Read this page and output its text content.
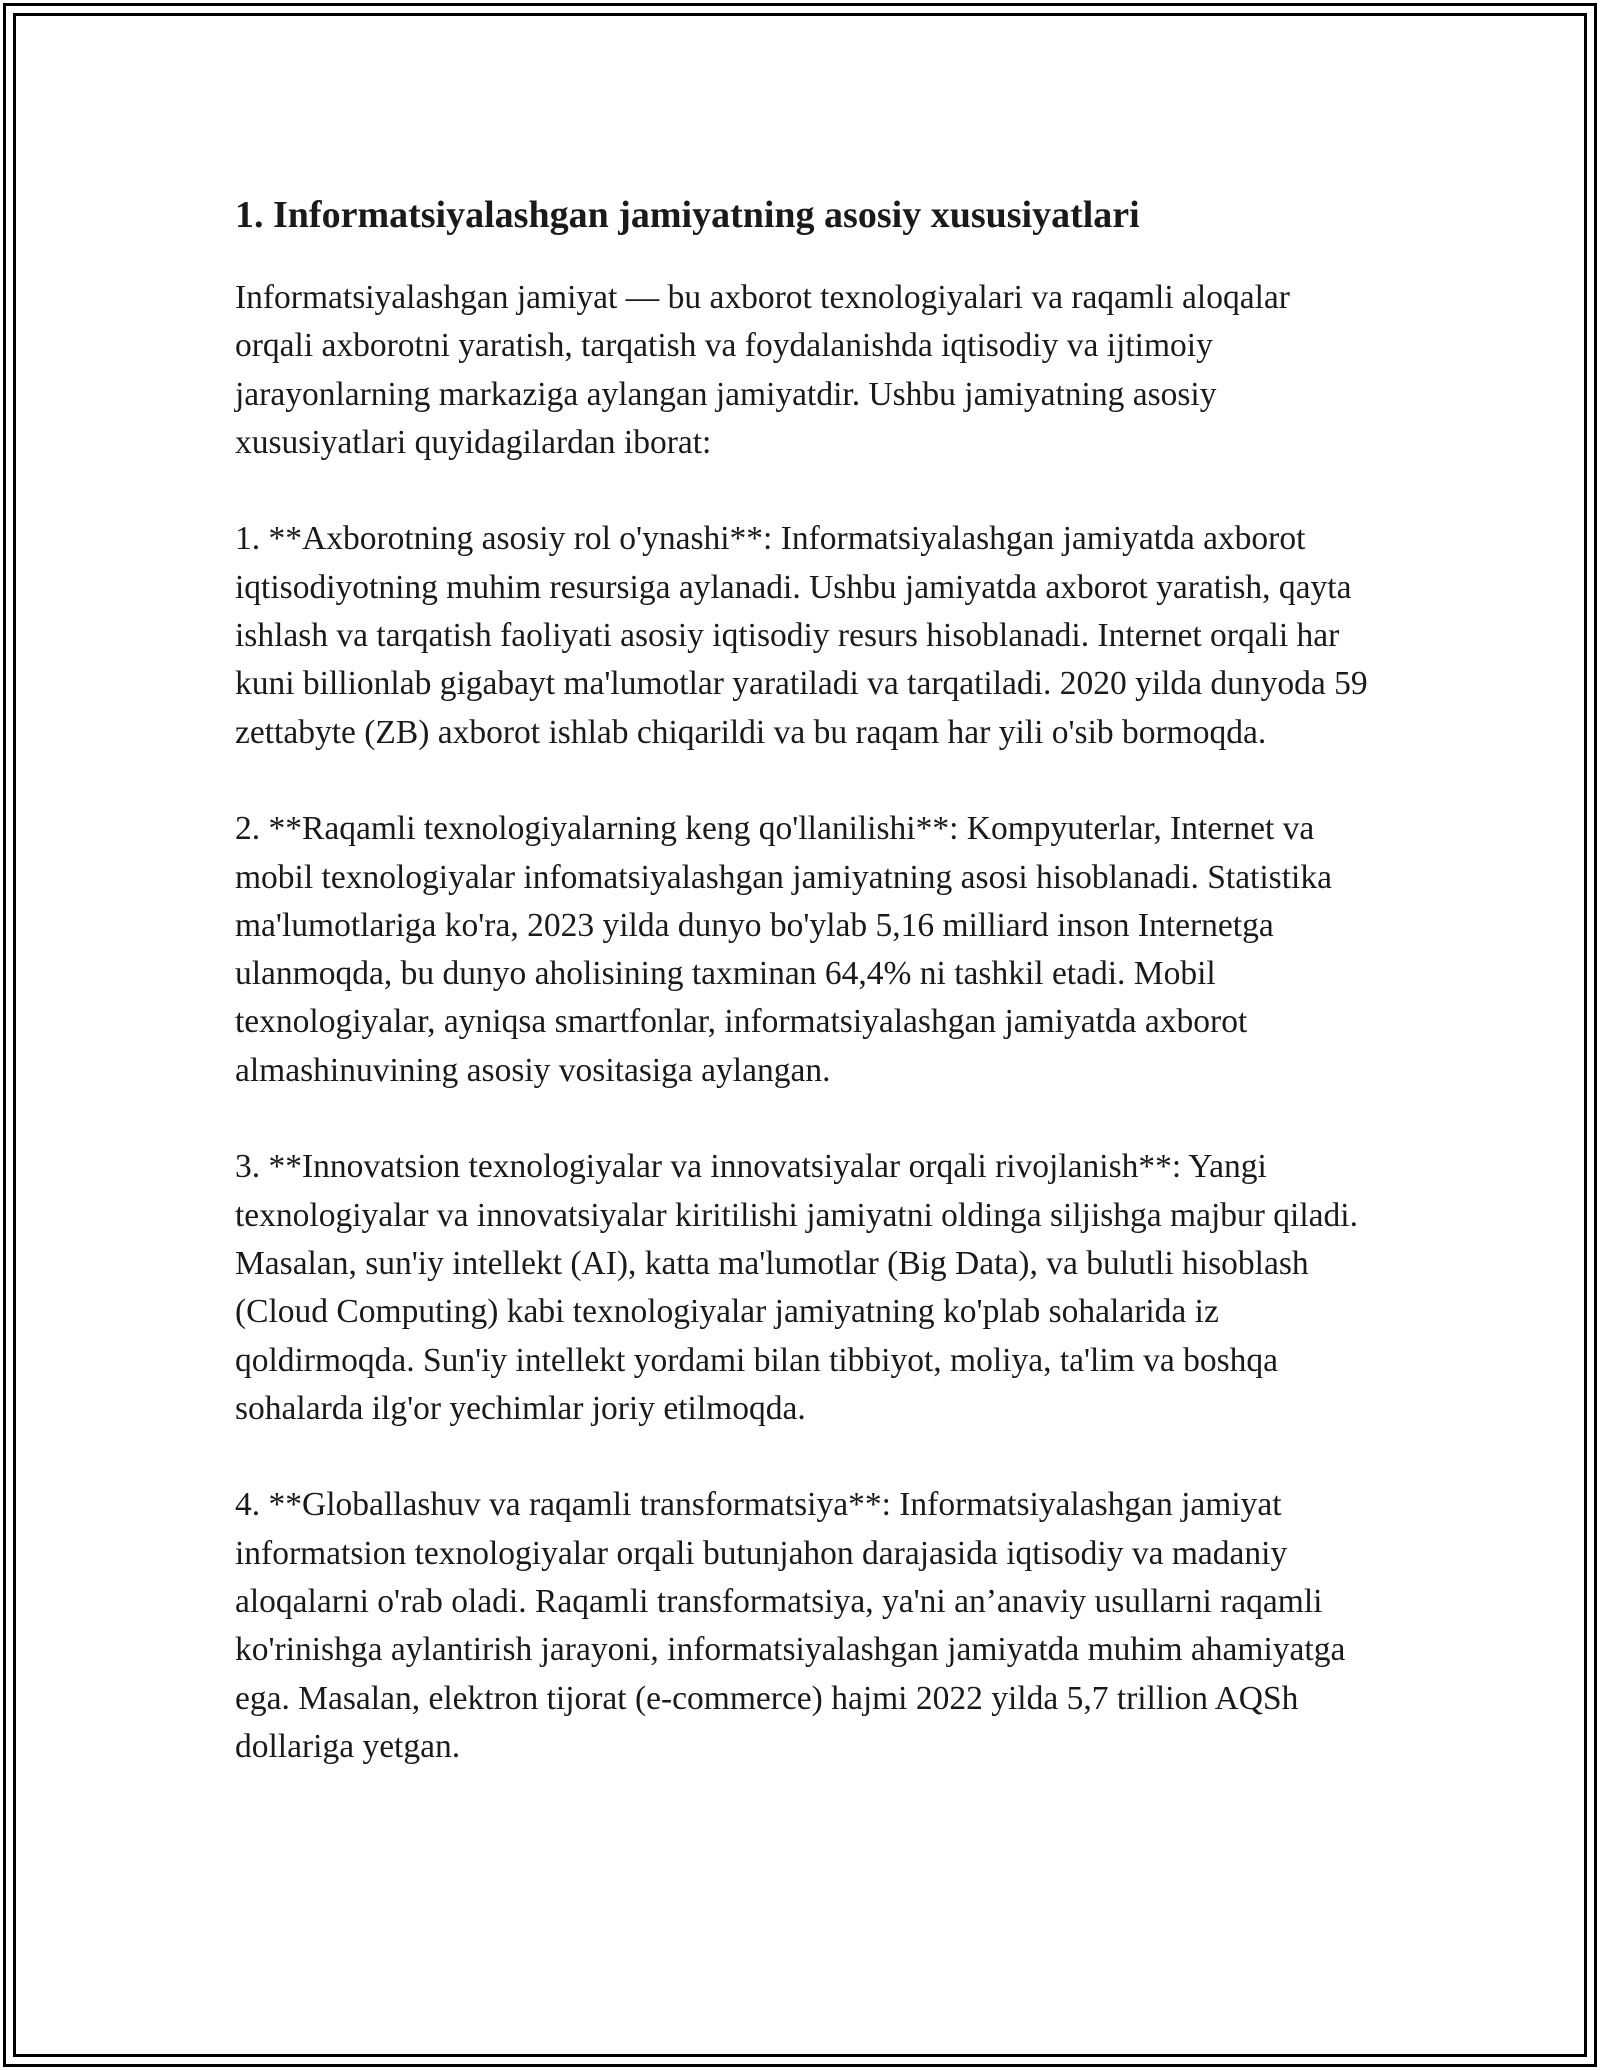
1. Informatsiyalashgan jamiyatning asosiy xususiyatlari

Informatsiyalashgan jamiyat — bu axborot texnologiyalari va raqamli aloqalar orqali axborotni yaratish, tarqatish va foydalanishda iqtisodiy va ijtimoiy jarayonlarning markaziga aylangan jamiyatdir. Ushbu jamiyatning asosiy xususiyatlari quyidagilardan iborat:

1. **Axborotning asosiy rol o'ynashi**: Informatsiyalashgan jamiyatda axborot iqtisodiyotning muhim resursiga aylanadi. Ushbu jamiyatda axborot yaratish, qayta ishlash va tarqatish faoliyati asosiy iqtisodiy resurs hisoblanadi. Internet orqali har kuni billionlab gigabayt ma'lumotlar yaratiladi va tarqatiladi. 2020 yilda dunyoda 59 zettabyte (ZB) axborot ishlab chiqarildi va bu raqam har yili o'sib bormoqda.

2. **Raqamli texnologiyalarning keng qo'llanilishi**: Kompyuterlar, Internet va mobil texnologiyalar infomatsiyalashgan jamiyatning asosi hisoblanadi. Statistika ma'lumotlariga ko'ra, 2023 yilda dunyo bo'ylab 5,16 milliard inson Internetga ulanmoqda, bu dunyo aholisining taxminan 64,4% ni tashkil etadi. Mobil texnologiyalar, ayniqsa smartfonlar, informatsiyalashgan jamiyatda axborot almashinuvining asosiy vositasiga aylangan.

3. **Innovatsion texnologiyalar va innovatsiyalar orqali rivojlanish**: Yangi texnologiyalar va innovatsiyalar kiritilishi jamiyatni oldinga siljishga majbur qiladi. Masalan, sun'iy intellekt (AI), katta ma'lumotlar (Big Data), va bulutli hisoblash (Cloud Computing) kabi texnologiyalar jamiyatning ko'plab sohalarida iz qoldirmoqda. Sun'iy intellekt yordami bilan tibbiyot, moliya, ta'lim va boshqa sohalarda ilg'or yechimlar joriy etilmoqda.

4. **Globallashuv va raqamli transformatsiya**: Informatsiyalashgan jamiyat informatsion texnologiyalar orqali butunjahon darajasida iqtisodiy va madaniy aloqalarni o'rab oladi. Raqamli transformatsiya, ya'ni an’anaviy usullarni raqamli ko'rinishga aylantirish jarayoni, informatsiyalashgan jamiyatda muhim ahamiyatga ega. Masalan, elektron tijorat (e-commerce) hajmi 2022 yilda 5,7 trillion AQSh dollariga yetgan.
